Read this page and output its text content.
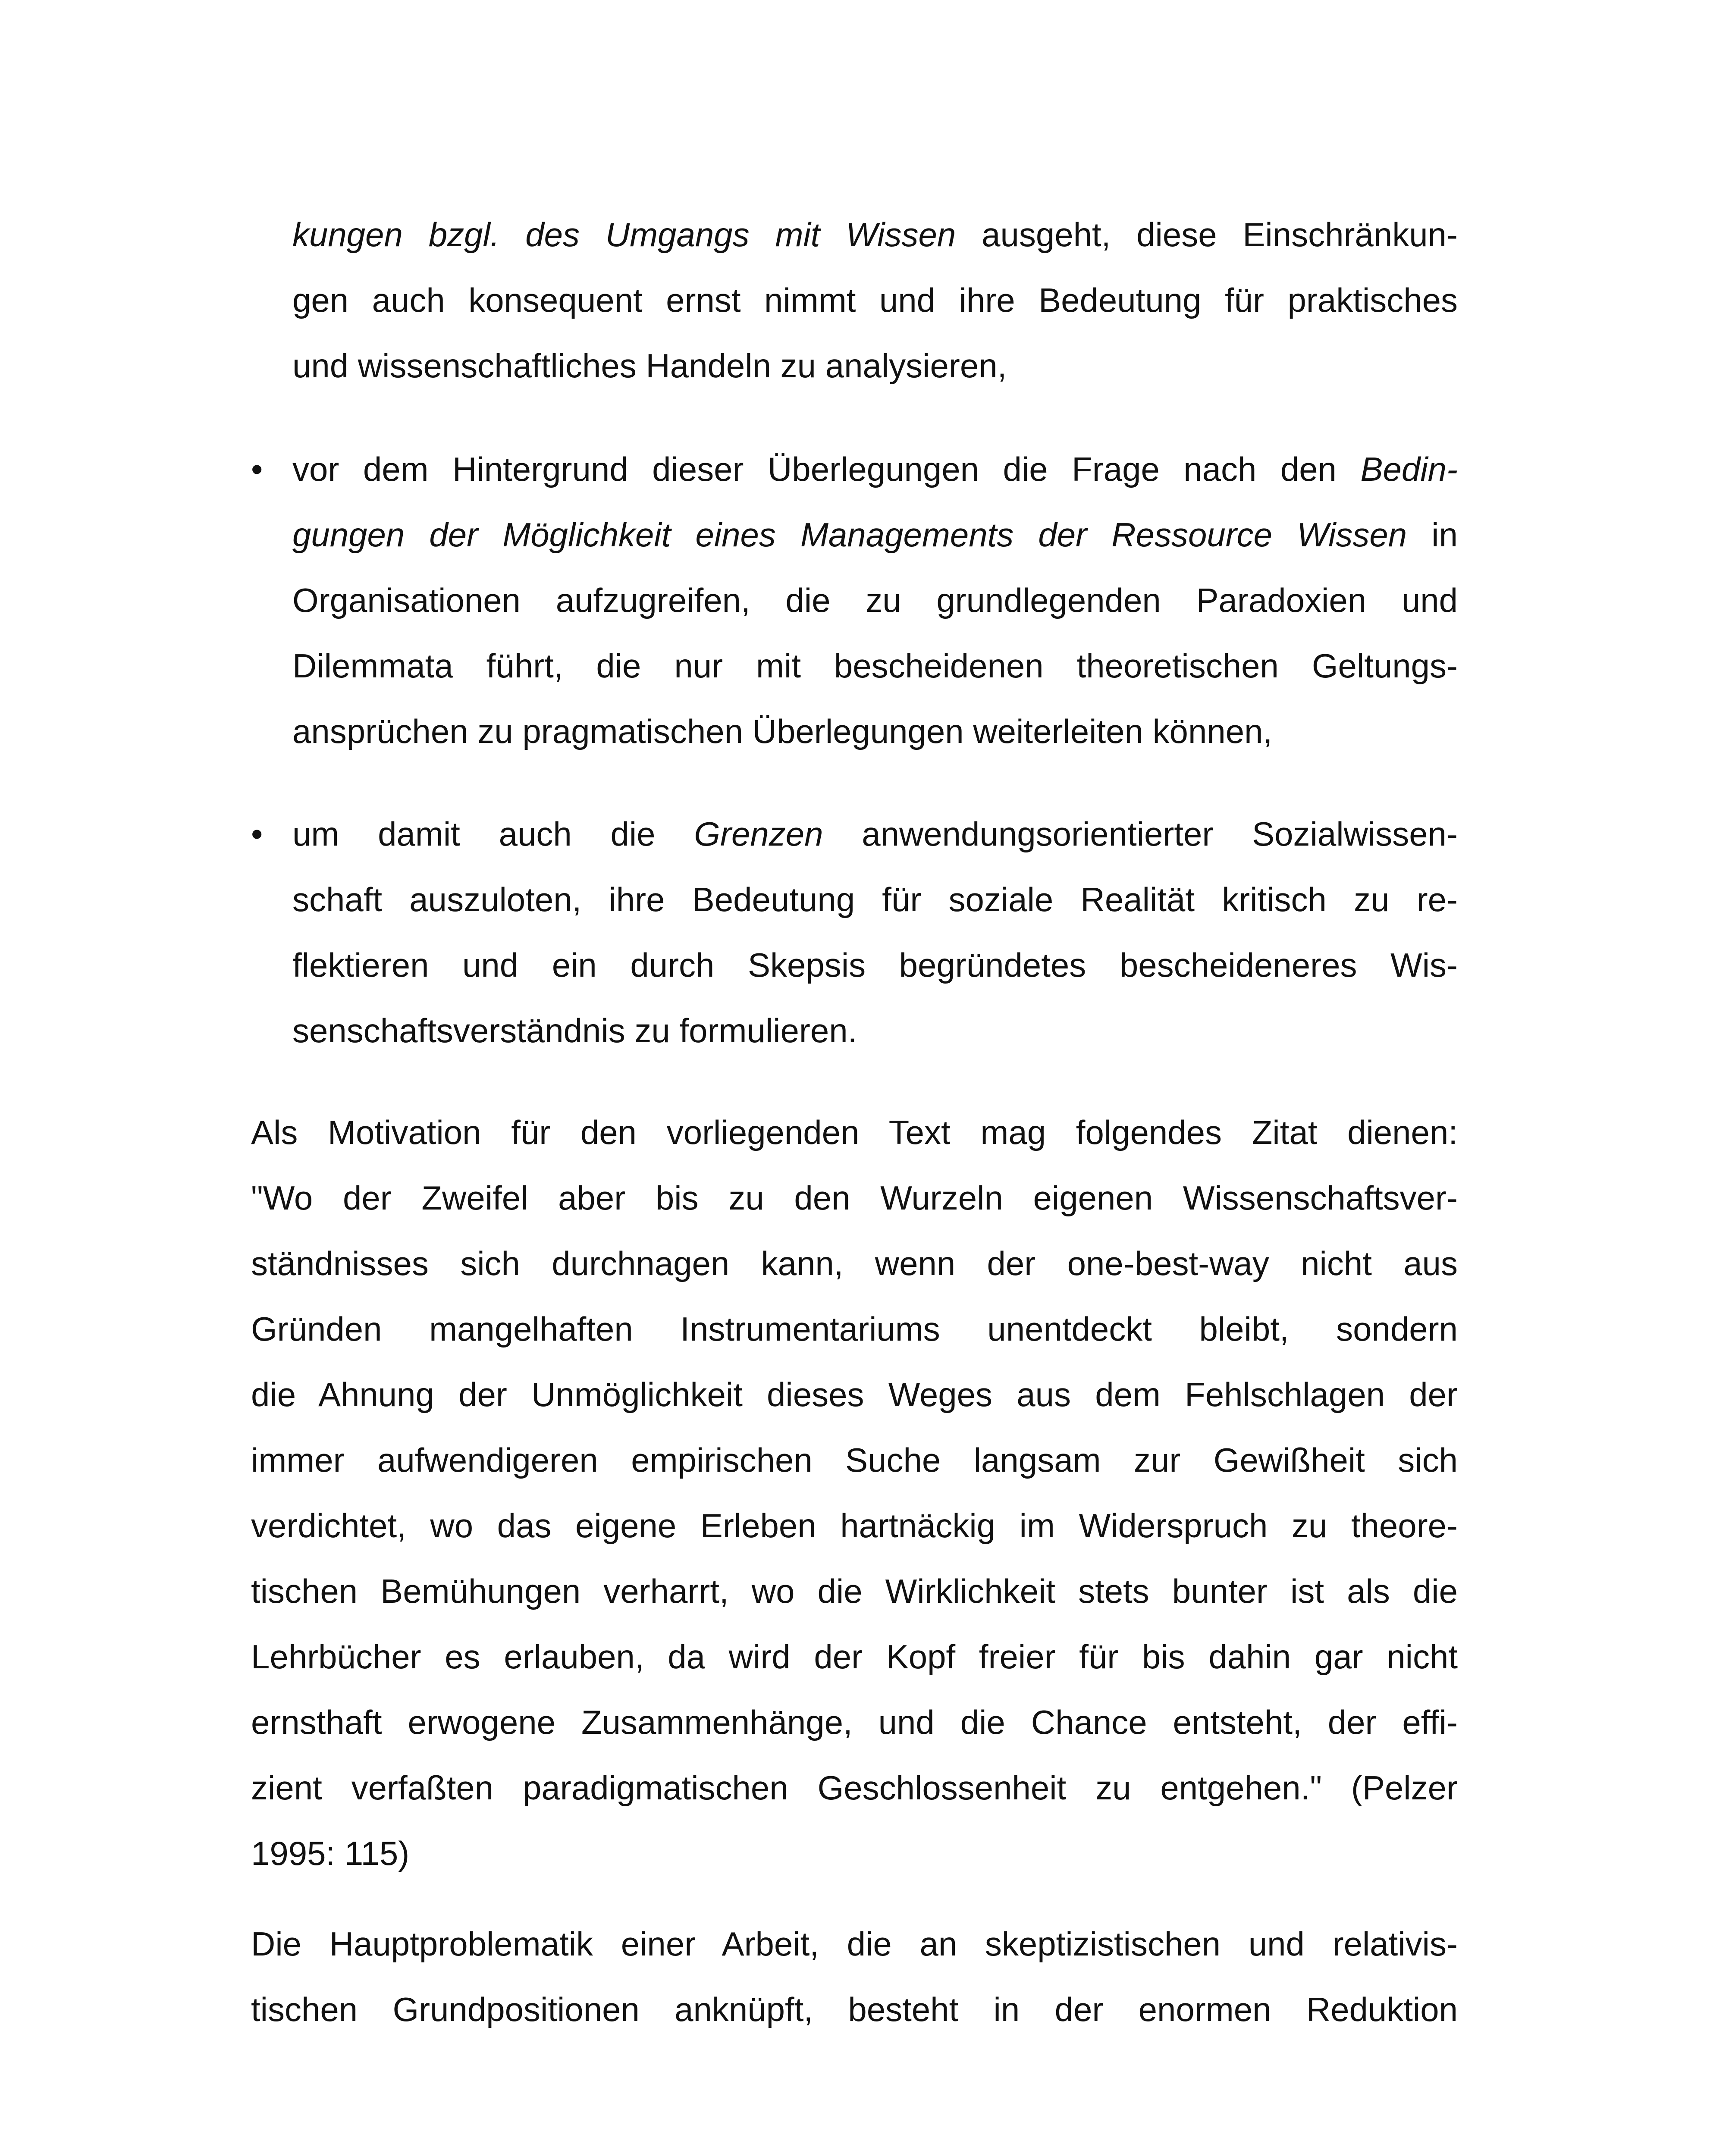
kungen bzgl. des Umgangs mit Wissen ausgeht, diese Einschränkun-
gen auch konsequent ernst nimmt und ihre Bedeutung für praktisches
und wissenschaftliches Handeln zu analysieren,
• vor dem Hintergrund dieser Überlegungen die Frage nach den Bedin-
gungen der Möglichkeit eines Managements der Ressource Wissen in
Organisationen aufzugreifen, die zu grundlegenden Paradoxien und
Dilemmata führt, die nur mit bescheidenen theoretischen Geltungs-
ansprüchen zu pragmatischen Überlegungen weiterleiten können,
• um damit auch die Grenzen anwendungsorientierter Sozialwissen-
schaft auszuloten, ihre Bedeutung für soziale Realität kritisch zu re-
flektieren und ein durch Skepsis begründetes bescheideneres Wis-
senschaftsverständnis zu formulieren.
Als Motivation für den vorliegenden Text mag folgendes Zitat dienen:
"Wo der Zweifel aber bis zu den Wurzeln eigenen Wissenschaftsver-
ständnisses sich durchnagen kann, wenn der one-best-way nicht aus
Gründen mangelhaften Instrumentariums unentdeckt bleibt, sondern
die Ahnung der Unmöglichkeit dieses Weges aus dem Fehlschlagen der
immer aufwendigeren empirischen Suche langsam zur Gewißheit sich
verdichtet, wo das eigene Erleben hartnäckig im Widerspruch zu theore-
tischen Bemühungen verharrt, wo die Wirklichkeit stets bunter ist als die
Lehrbücher es erlauben, da wird der Kopf freier für bis dahin gar nicht
ernsthaft erwogene Zusammenhänge, und die Chance entsteht, der effi-
zient verfaßten paradigmatischen Geschlossenheit zu entgehen." (Pelzer
1995: 115)
Die Hauptproblematik einer Arbeit, die an skeptizistischen und relativis-
tischen Grundpositionen anknüpft, besteht in der enormen Reduktion
